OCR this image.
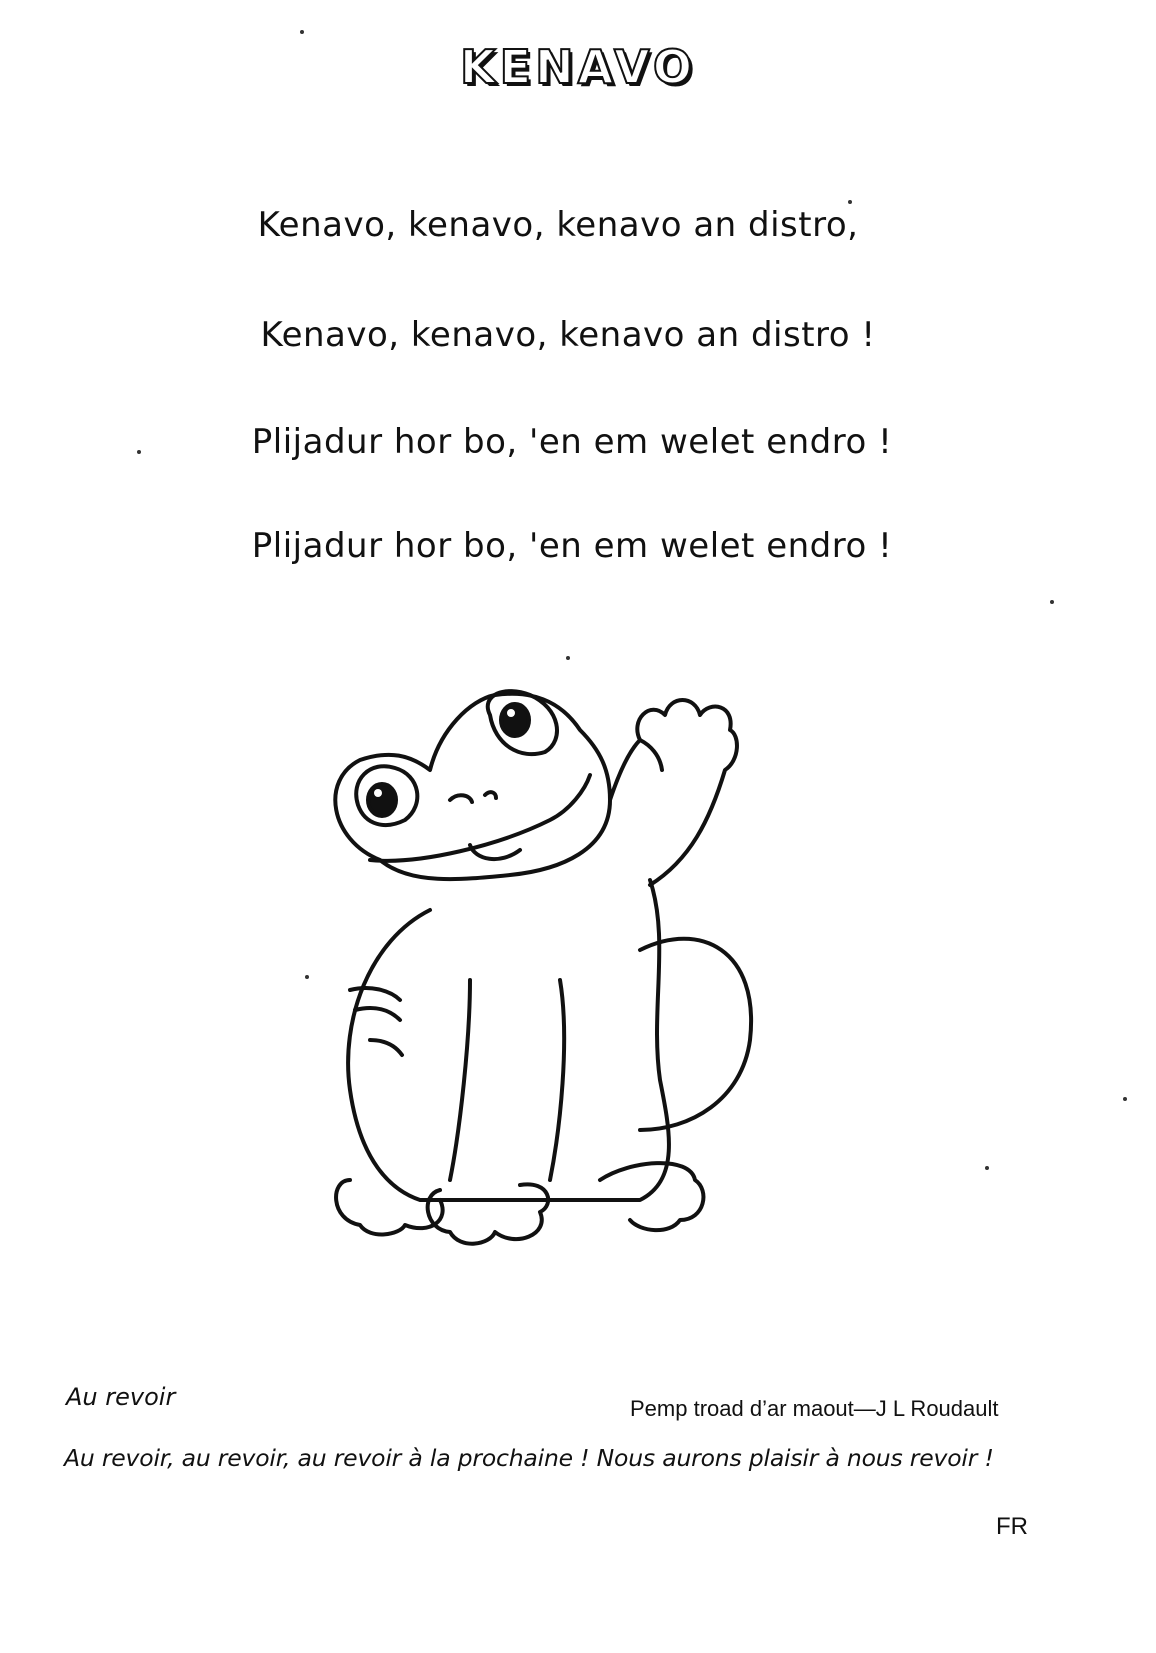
KENAVO
Kenavo, kenavo, kenavo an distro,
Kenavo, kenavo, kenavo an distro !
Plijadur hor bo, 'en em welet endro !
Plijadur hor bo, 'en em welet endro !
Au revoir	Pemp troad d’ar maout—J L Roudault
Au revoir, au revoir, au revoir à la prochaine ! Nous aurons plaisir à nous revoir !
FR
